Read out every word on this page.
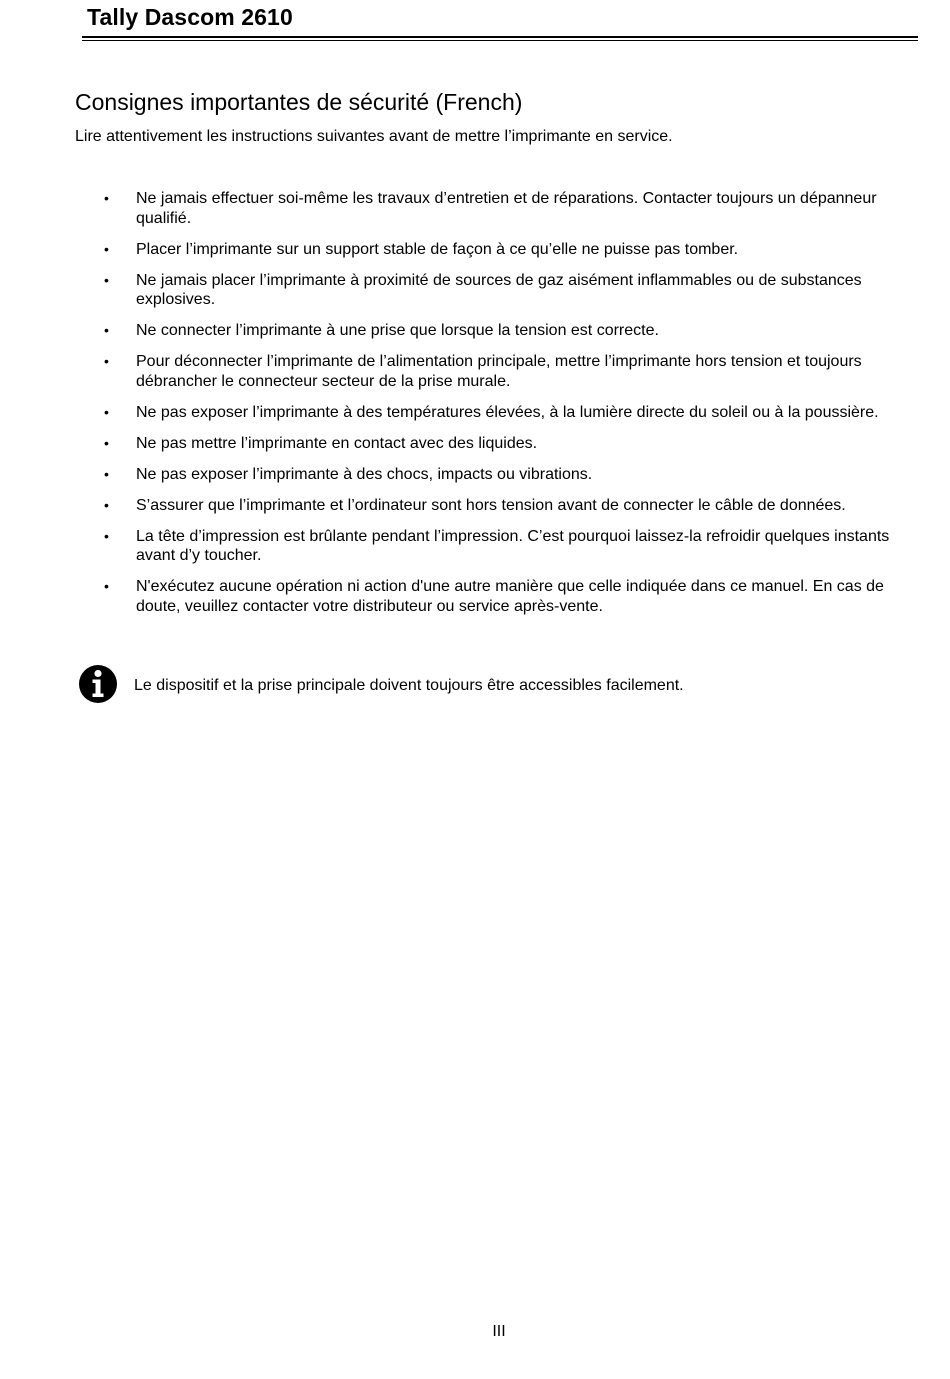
Tally Dascom 2610
Consignes importantes de sécurité (French)
Lire attentivement les instructions suivantes avant de mettre l’imprimante en service.
• Ne jamais effectuer soi-même les travaux d’entretien et de réparations. Contacter toujours un dépanneur qualifié.
• Placer l’imprimante sur un support stable de façon à ce qu’elle ne puisse pas tomber.
• Ne jamais placer l’imprimante à proximité de sources de gaz aisément inflammables ou de substances explosives.
• Ne connecter l’imprimante à une prise que lorsque la tension est correcte.
• Pour déconnecter l’imprimante de l’alimentation principale, mettre l’imprimante hors tension et toujours débrancher le connecteur secteur de la prise murale.
• Ne pas exposer l’imprimante à des températures élevées, à la lumière directe du soleil ou à la poussière.
• Ne pas mettre l’imprimante en contact avec des liquides.
• Ne pas exposer l’imprimante à des chocs, impacts ou vibrations.
• S’assurer que l’imprimante et l’ordinateur sont hors tension avant de connecter le câble de données.
• La tête d’impression est brûlante pendant l’impression. C’est pourquoi laissez-la refroidir quelques instants avant d’y toucher.
• N'exécutez aucune opération ni action d'une autre manière que celle indiquée dans ce manuel. En cas de doute, veuillez contacter votre distributeur ou service après-vente.
Le dispositif et la prise principale doivent toujours être accessibles facilement.
III
